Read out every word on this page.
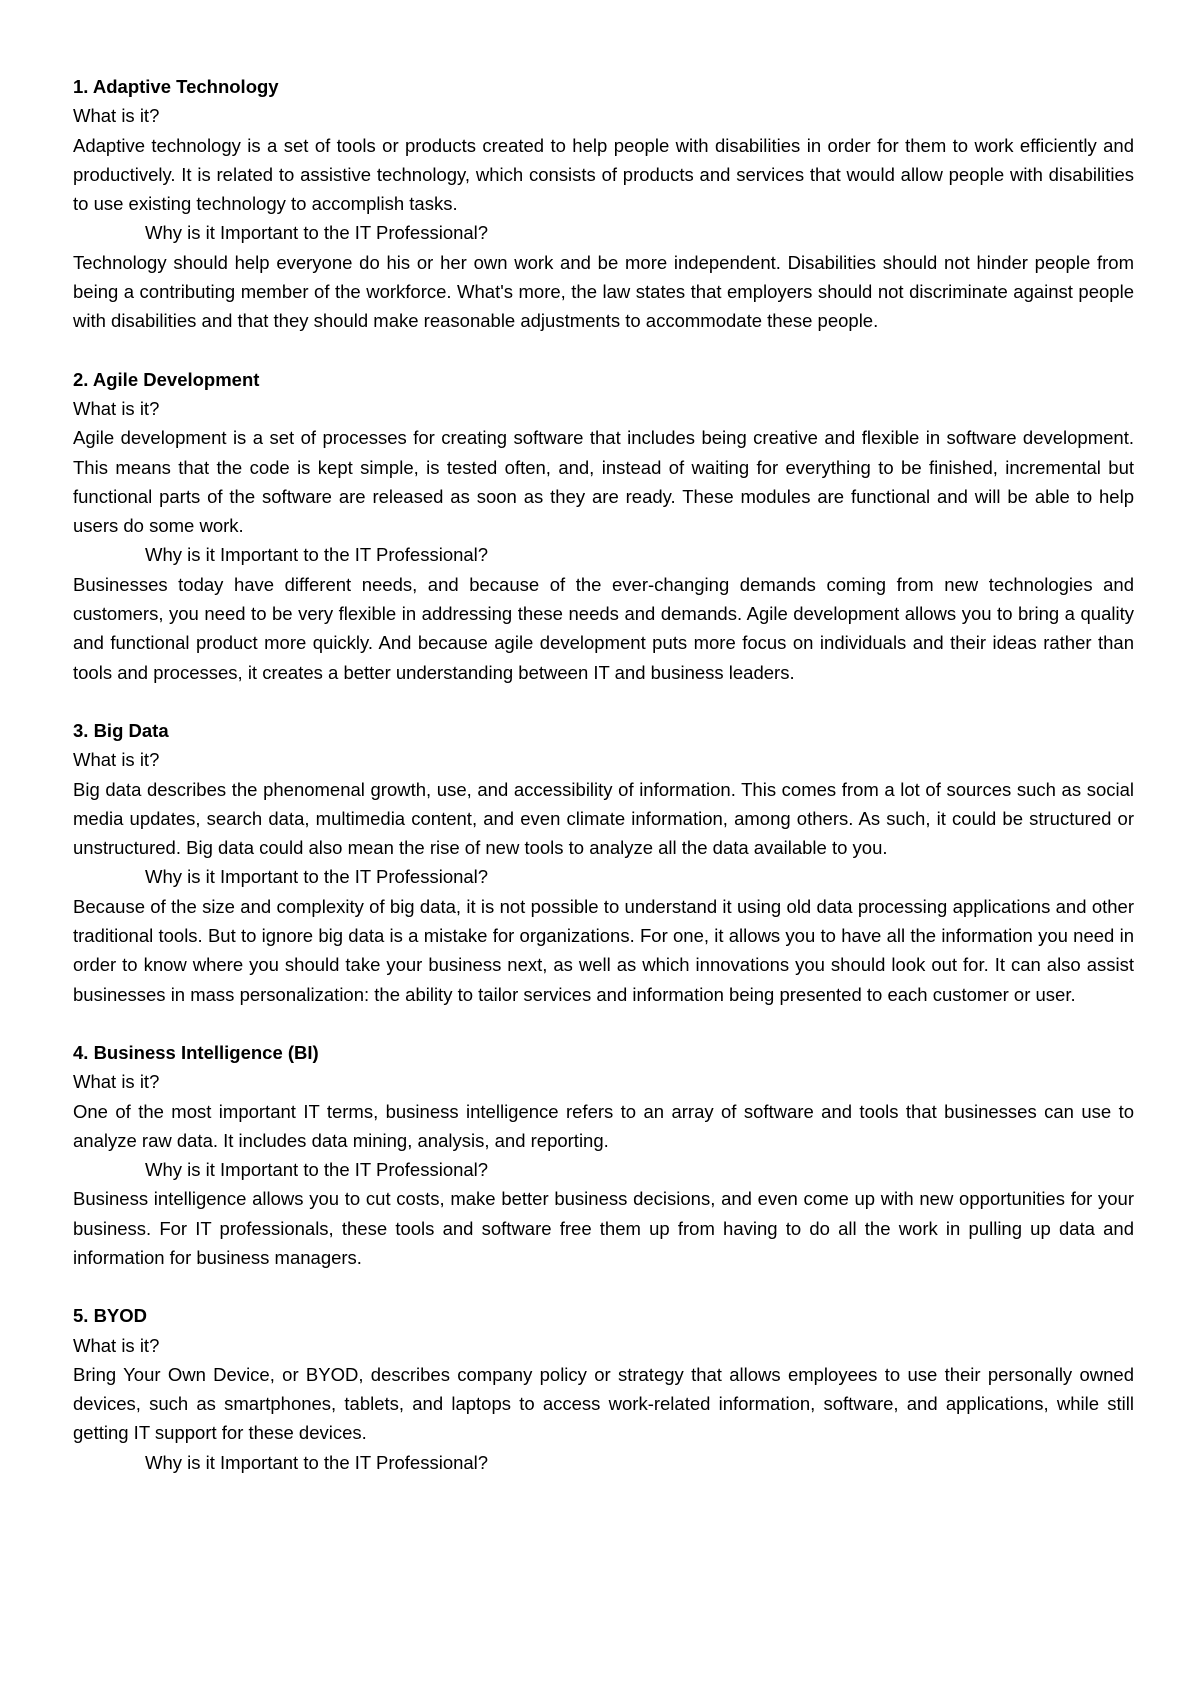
1. Adaptive Technology

What is it?

Adaptive technology is a set of tools or products created to help people with disabilities in order for them to work efficiently and productively. It is related to assistive technology, which consists of products and services that would allow people with disabilities to use existing technology to accomplish tasks.

Why is it Important to the IT Professional?

Technology should help everyone do his or her own work and be more independent. Disabilities should not hinder people from being a contributing member of the workforce. What's more, the law states that employers should not discriminate against people with disabilities and that they should make reasonable adjustments to accommodate these people.

2. Agile Development

What is it?

Agile development is a set of processes for creating software that includes being creative and flexible in software development. This means that the code is kept simple, is tested often, and, instead of waiting for everything to be finished, incremental but functional parts of the software are released as soon as they are ready. These modules are functional and will be able to help users do some work.

Why is it Important to the IT Professional?

Businesses today have different needs, and because of the ever-changing demands coming from new technologies and customers, you need to be very flexible in addressing these needs and demands. Agile development allows you to bring a quality and functional product more quickly. And because agile development puts more focus on individuals and their ideas rather than tools and processes, it creates a better understanding between IT and business leaders.

3. Big Data

What is it?

Big data describes the phenomenal growth, use, and accessibility of information. This comes from a lot of sources such as social media updates, search data, multimedia content, and even climate information, among others. As such, it could be structured or unstructured. Big data could also mean the rise of new tools to analyze all the data available to you.

Why is it Important to the IT Professional?

Because of the size and complexity of big data, it is not possible to understand it using old data processing applications and other traditional tools. But to ignore big data is a mistake for organizations. For one, it allows you to have all the information you need in order to know where you should take your business next, as well as which innovations you should look out for. It can also assist businesses in mass personalization: the ability to tailor services and information being presented to each customer or user.

4. Business Intelligence (BI)

What is it?

One of the most important IT terms, business intelligence refers to an array of software and tools that businesses can use to analyze raw data. It includes data mining, analysis, and reporting.

Why is it Important to the IT Professional?

Business intelligence allows you to cut costs, make better business decisions, and even come up with new opportunities for your business. For IT professionals, these tools and software free them up from having to do all the work in pulling up data and information for business managers.

5. BYOD

What is it?

Bring Your Own Device, or BYOD, describes company policy or strategy that allows employees to use their personally owned devices, such as smartphones, tablets, and laptops to access work-related information, software, and applications, while still getting IT support for these devices.

Why is it Important to the IT Professional?
